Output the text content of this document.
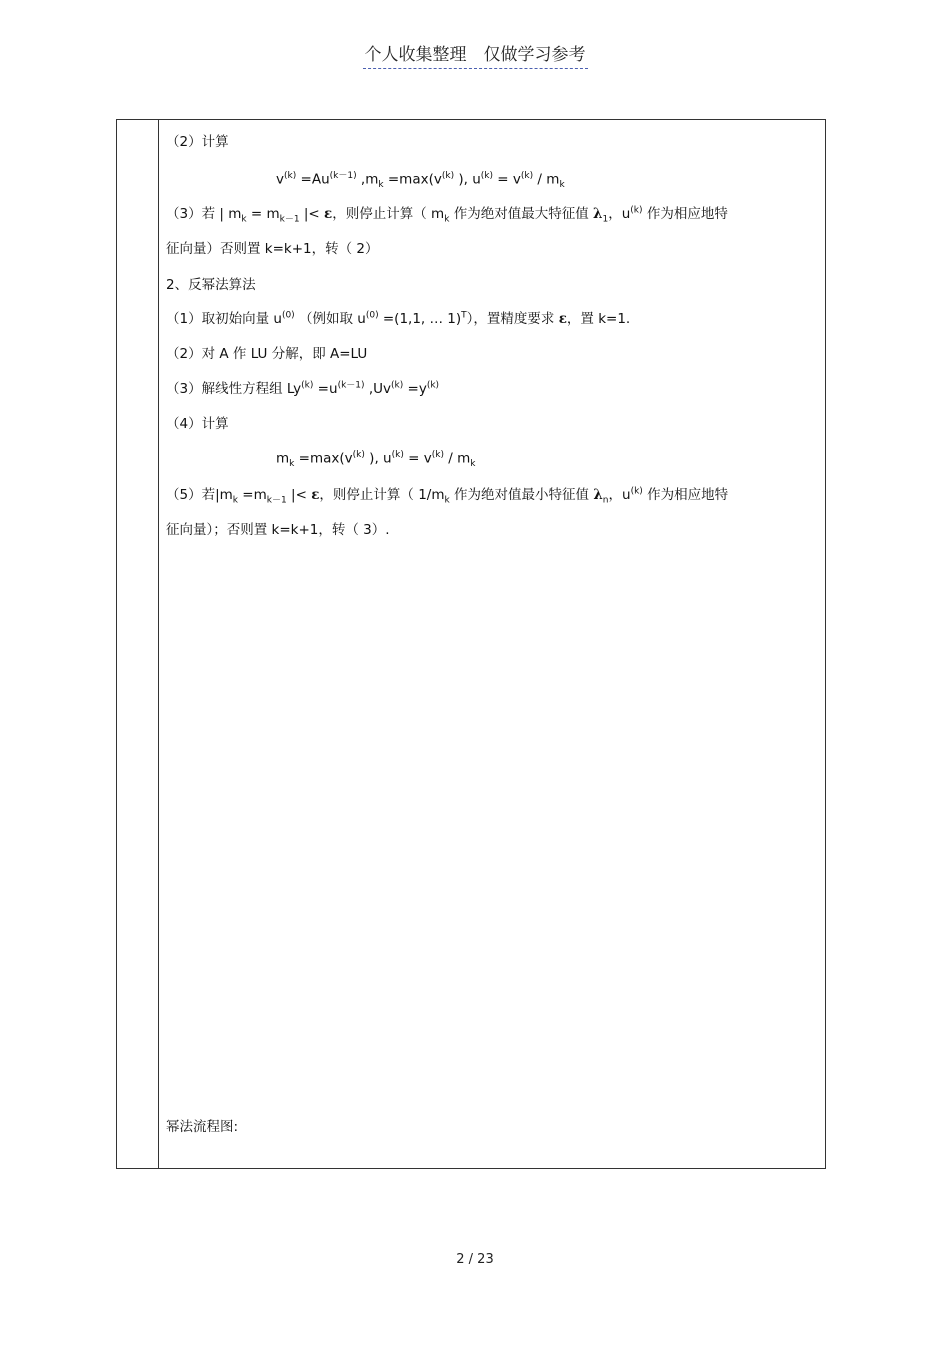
个人收集整理　仅做学习参考
（2）计算
$v^{(k)} =Au^{(k-1)}$ $,m_k =\max(v^{(k)}$ ), $u^{(k)} = v^{(k)} / m_k$
（3）若 | $m_k = m_{k-1}$ |< ε，则停止计算（ $m_k$ 作为绝对值最大特征值 $\lambda_1$，$u^{(k)}$ 作为相应地特
征向量）否则置 k=k+1，转（ 2）
2、反幂法算法
（1）取初始向量 $u^{(0)}$ （例如取 $u^{(0)} =(1,1$, … 1)$^T$），置精度要求 ε，置 k=1.
（2）对 A 作 LU 分解，即 A=LU
（3）解线性方程组 $Ly^{(k)} =u^{(k-1)}$ $,Uv^{(k)} =y^{(k)}$
（4）计算
$m_k =\max(v^{(k)}$ ), $u^{(k)} = v^{(k)} / m_k$
（5）若$|m_k =m_{k-1}$ |< ε，则停止计算（ $1/m_k$ 作为绝对值最小特征值 $\lambda_n$，$u^{(k)}$ 作为相应地特
征向量）；否则置 k=k+1，转（ 3）.
幂法流程图:
2 / 23
